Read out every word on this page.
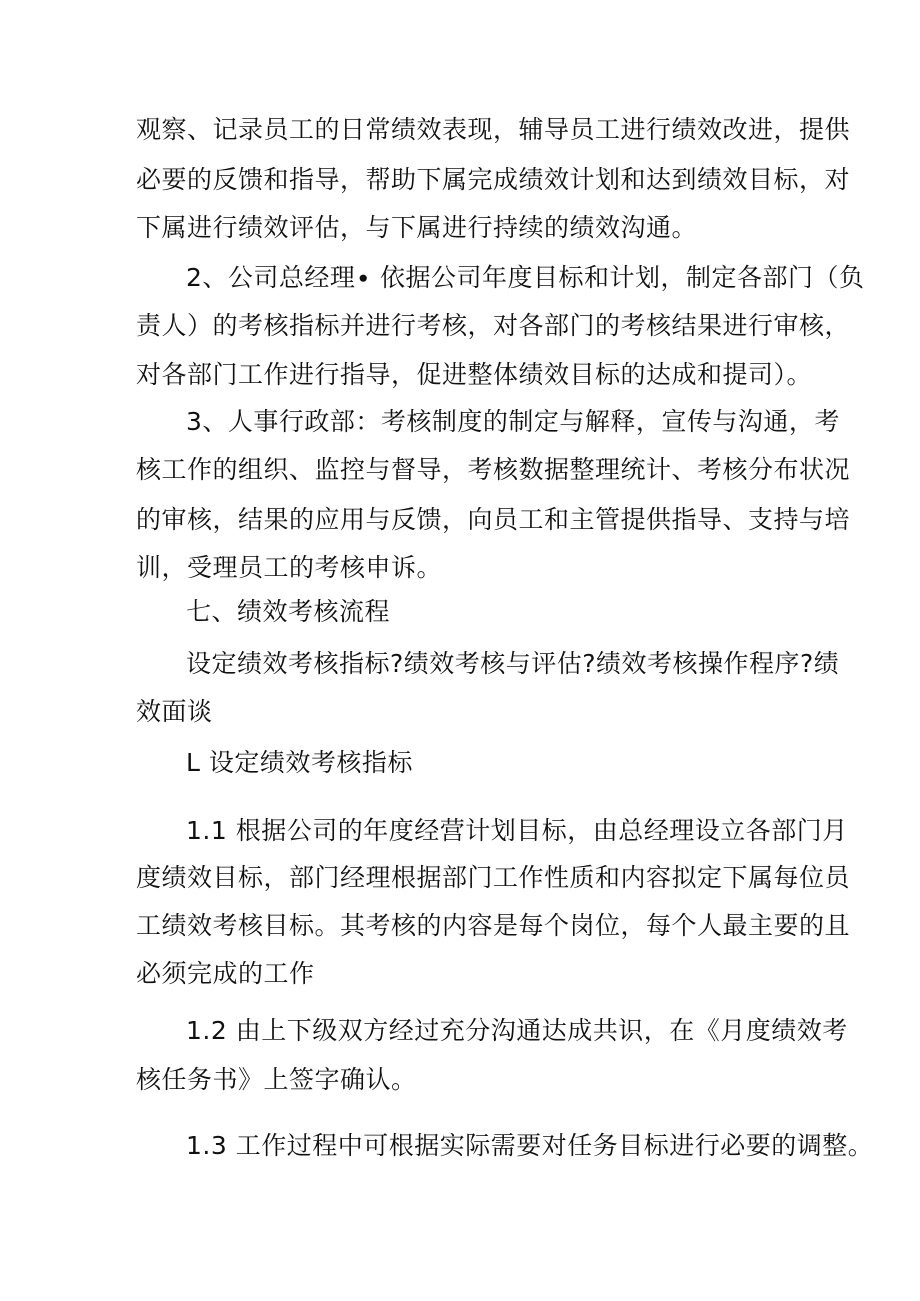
观察、记录员工的日常绩效表现，辅导员工进行绩效改进，提供
必要的反馈和指导，帮助下属完成绩效计划和达到绩效目标，对
下属进行绩效评估，与下属进行持续的绩效沟通。
2、公司总经理∙ 依据公司年度目标和计划，制定各部门（负
责人）的考核指标并进行考核，对各部门的考核结果进行审核，
对各部门工作进行指导，促进整体绩效目标的达成和提司）。
3、人事行政部：考核制度的制定与解释，宣传与沟通，考
核工作的组织、监控与督导，考核数据整理统计、考核分布状况
的审核，结果的应用与反馈，向员工和主管提供指导、支持与培
训，受理员工的考核申诉。
七、绩效考核流程
设定绩效考核指标?绩效考核与评估?绩效考核操作程序?绩
效面谈
L 设定绩效考核指标
1.1 根据公司的年度经营计划目标，由总经理设立各部门月
度绩效目标，部门经理根据部门工作性质和内容拟定下属每位员
工绩效考核目标。其考核的内容是每个岗位，每个人最主要的且
必须完成的工作
1.2 由上下级双方经过充分沟通达成共识，在《月度绩效考
核任务书》上签字确认。
1.3 工作过程中可根据实际需要对任务目标进行必要的调整。
